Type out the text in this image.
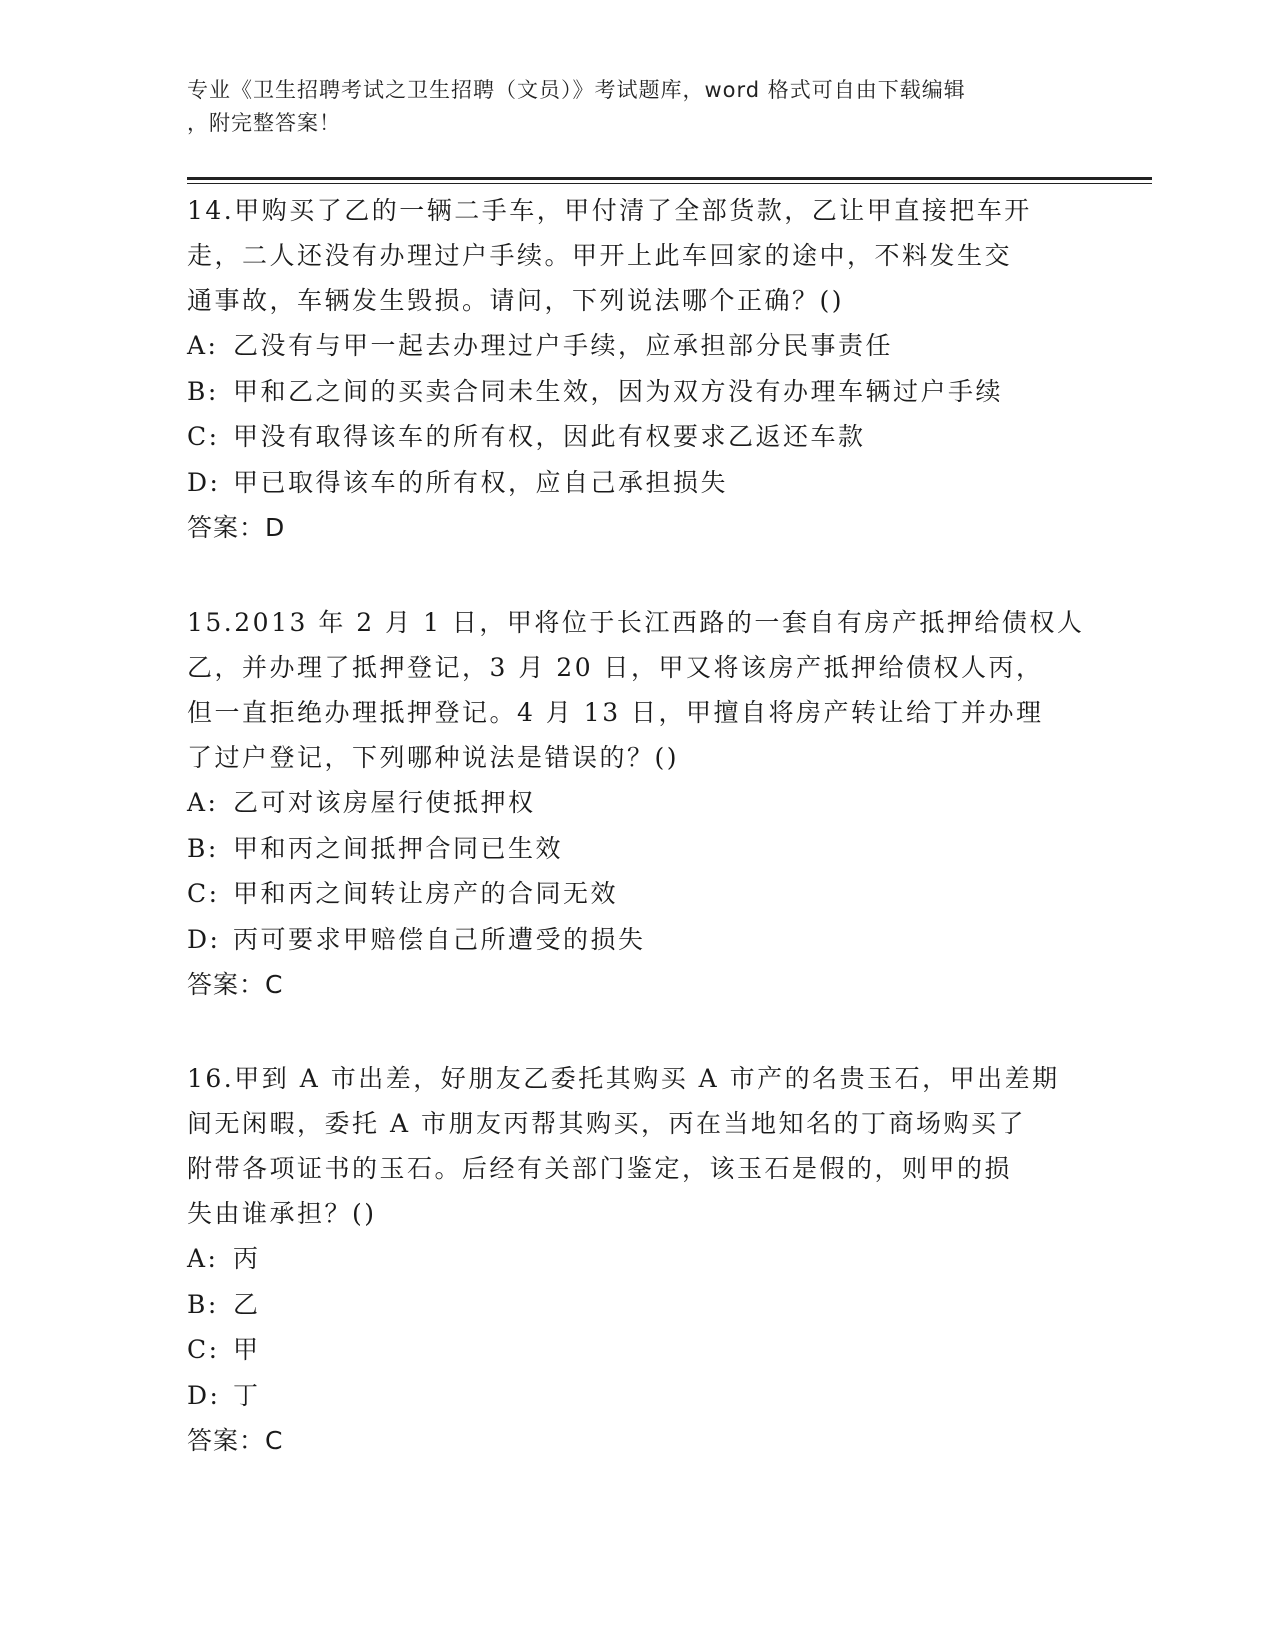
专业《卫生招聘考试之卫生招聘（文员）》考试题库，word 格式可自由下载编辑
，附完整答案！
14.甲购买了乙的一辆二手车，甲付清了全部货款，乙让甲直接把车开
走，二人还没有办理过户手续。甲开上此车回家的途中，不料发生交
通事故，车辆发生毁损。请问，下列说法哪个正确？()
A: 乙没有与甲一起去办理过户手续，应承担部分民事责任
B: 甲和乙之间的买卖合同未生效，因为双方没有办理车辆过户手续
C: 甲没有取得该车的所有权，因此有权要求乙返还车款
D: 甲已取得该车的所有权，应自己承担损失
答案：D
15.2013 年 2 月 1 日，甲将位于长江西路的一套自有房产抵押给债权人
乙，并办理了抵押登记，3 月 20 日，甲又将该房产抵押给债权人丙，
但一直拒绝办理抵押登记。4 月 13 日，甲擅自将房产转让给丁并办理
了过户登记，下列哪种说法是错误的？()
A: 乙可对该房屋行使抵押权
B: 甲和丙之间抵押合同已生效
C: 甲和丙之间转让房产的合同无效
D: 丙可要求甲赔偿自己所遭受的损失
答案：C
16.甲到 A 市出差，好朋友乙委托其购买 A 市产的名贵玉石，甲出差期
间无闲暇，委托 A 市朋友丙帮其购买，丙在当地知名的丁商场购买了
附带各项证书的玉石。后经有关部门鉴定，该玉石是假的，则甲的损
失由谁承担？()
A: 丙
B: 乙
C: 甲
D: 丁
答案：C
